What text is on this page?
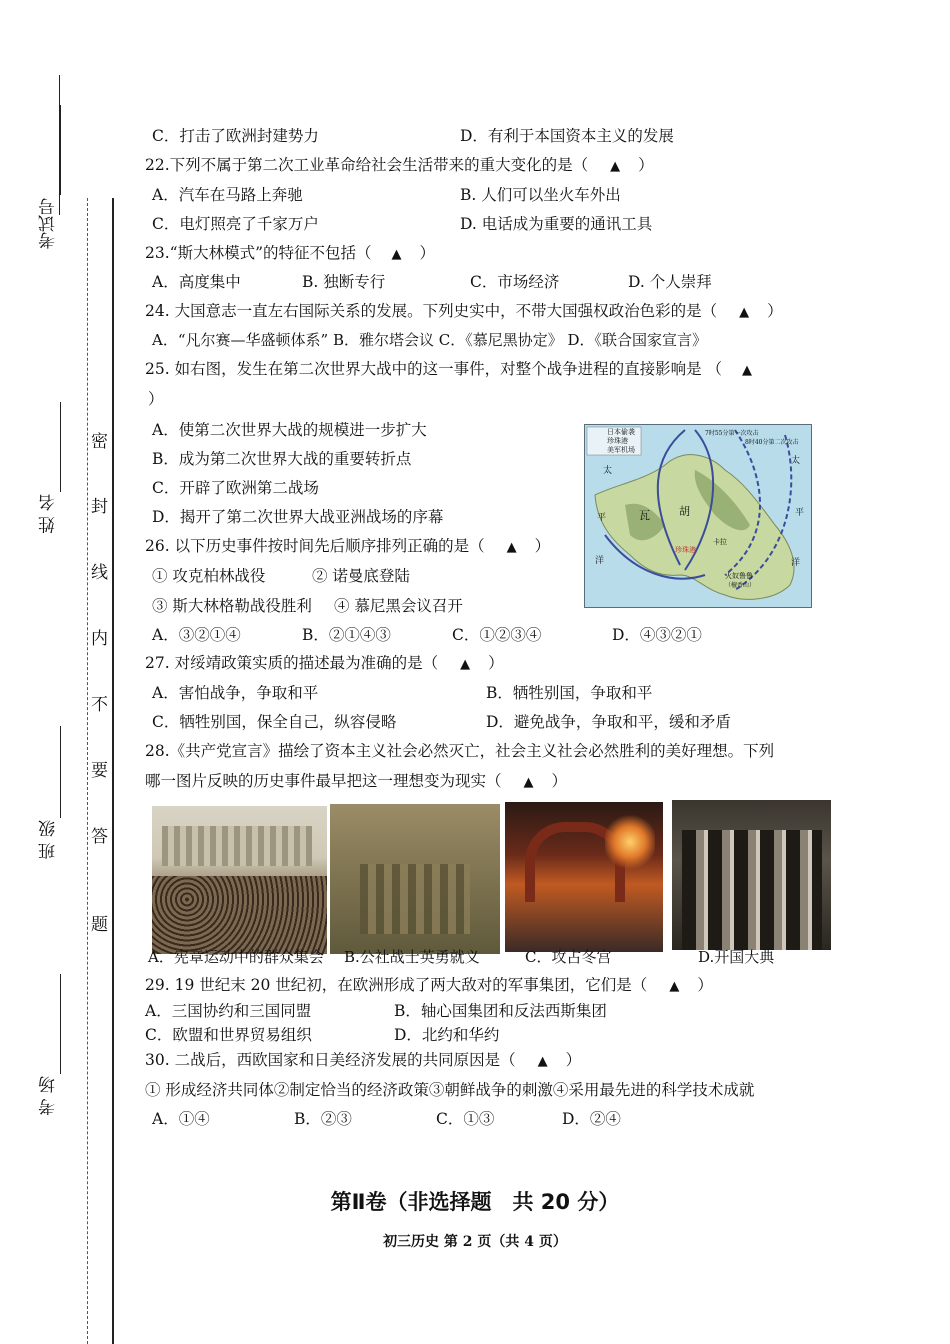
考试号
姓 名
班 级
考 场
密
封
线
内
不
要
答
题
C．打击了欧洲封建势力	D．有利于本国资本主义的发展
22.下列不属于第二次工业革命给社会生活带来的重大变化的是（ ▲ ）
A．汽车在马路上奔驰	B. 人们可以坐火车外出
C．电灯照亮了千家万户	D. 电话成为重要的通讯工具
23.“斯大林模式”的特征不包括（ ▲ ）
A．高度集中	B. 独断专行	C．市场经济	D. 个人崇拜
24. 大国意志一直左右国际关系的发展。下列史实中，不带大国强权政治色彩的是（ ▲ ）
A．“凡尔赛—华盛顿体系” B．雅尔塔会议 C．《慕尼黑协定》 D．《联合国家宣言》
25. 如右图，发生在第二次世界大战中的这一事件，对整个战争进程的直接影响是 （ ▲
）
A．使第二次世界大战的规模进一步扩大
B．成为第二次世界大战的重要转折点
C．开辟了欧洲第二战场
D．揭开了第二次世界大战亚洲战场的序幕
日本偷袭
珍珠港
美军机场
7时55分第一次攻击
8时40分第二次攻击
太
平
洋
太
平
洋
瓦	胡
卡拉
珍珠港
火奴鲁鲁
（檀香山）
26. 以下历史事件按时间先后顺序排列正确的是（ ▲ ）
① 攻克柏林战役	② 诺曼底登陆
③ 斯大林格勒战役胜利 ④ 慕尼黑会议召开
A．③②①④	B．②①④③	C．①②③④	D．④③②①
27. 对绥靖政策实质的描述最为准确的是（ ▲ ）
A．害怕战争，争取和平	B．牺牲别国，争取和平
C．牺牲别国，保全自己，纵容侵略	D．避免战争，争取和平，缓和矛盾
28.《共产党宣言》描绘了资本主义社会必然灭亡，社会主义社会必然胜利的美好理想。下列
哪一图片反映的历史事件最早把这一理想变为现实（ ▲ ）
A．宪章运动中的群众集会 B.公社战士英勇就义	C．攻占冬宫	D.开国大典
29. 19 世纪末 20 世纪初，在欧洲形成了两大敌对的军事集团，它们是（ ▲ ）
A．三国协约和三国同盟	B．轴心国集团和反法西斯集团
C．欧盟和世界贸易组织	D．北约和华约
30. 二战后，西欧国家和日美经济发展的共同原因是（ ▲ ）
① 形成经济共同体②制定恰当的经济政策③朝鲜战争的刺激④采用最先进的科学技术成就
A．①④	B．②③	C．①③	D．②④
第Ⅱ卷（非选择题　共 20 分）
初三历史 第 2 页（共 4 页）
